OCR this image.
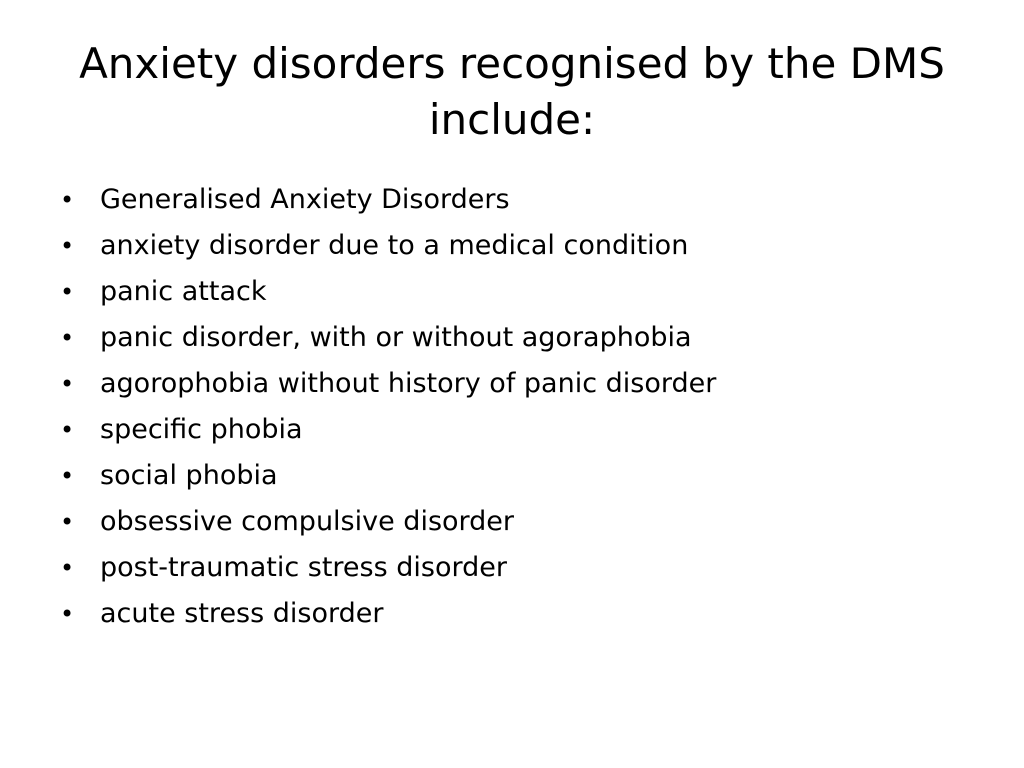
Anxiety disorders recognised by the DMS include:
• Generalised Anxiety Disorders
• anxiety disorder due to a medical condition
• panic attack
• panic disorder, with or without agoraphobia
• agorophobia without history of panic disorder
• specific phobia
• social phobia
• obsessive compulsive disorder
• post-traumatic stress disorder
• acute stress disorder
